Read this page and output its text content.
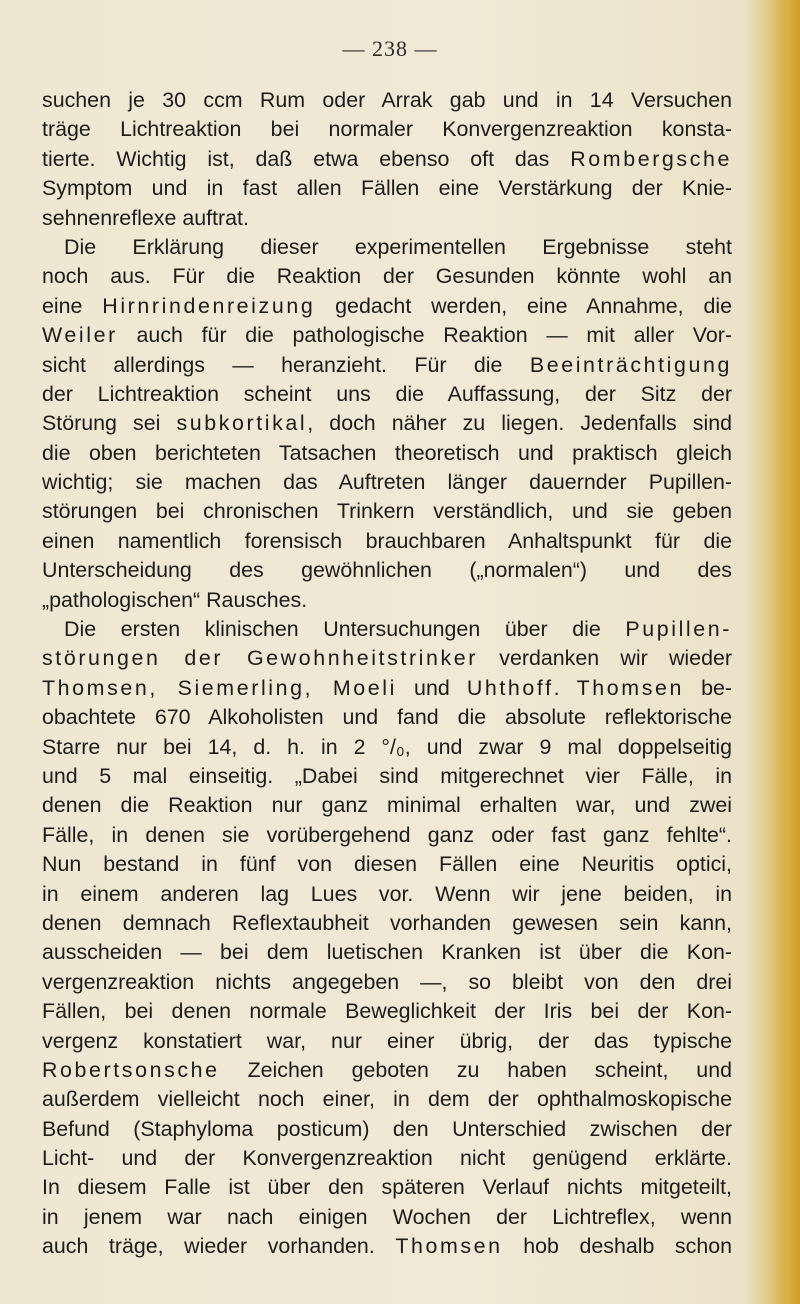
— 238 —
suchen je 30 ccm Rum oder Arrak gab und in 14 Versuchen
träge Lichtreaktion bei normaler Konvergenzreaktion konsta-
tierte. Wichtig ist, daß etwa ebenso oft das Rombergsche
Symptom und in fast allen Fällen eine Verstärkung der Knie-
sehnenreflexe auftrat.
Die Erklärung dieser experimentellen Ergebnisse steht
noch aus. Für die Reaktion der Gesunden könnte wohl an
eine Hirnrindenreizung gedacht werden, eine Annahme, die
Weiler auch für die pathologische Reaktion — mit aller Vor-
sicht allerdings — heranzieht. Für die Beeinträchtigung
der Lichtreaktion scheint uns die Auffassung, der Sitz der
Störung sei subkortikal, doch näher zu liegen. Jedenfalls sind
die oben berichteten Tatsachen theoretisch und praktisch gleich
wichtig; sie machen das Auftreten länger dauernder Pupillen-
störungen bei chronischen Trinkern verständlich, und sie geben
einen namentlich forensisch brauchbaren Anhaltspunkt für die
Unterscheidung des gewöhnlichen („normalen“) und des
„pathologischen“ Rausches.
Die ersten klinischen Untersuchungen über die Pupillen-
störungen der Gewohnheitstrinker verdanken wir wieder
Thomsen, Siemerling, Moeli und Uhthoff. Thomsen be-
obachtete 670 Alkoholisten und fand die absolute reflektorische
Starre nur bei 14, d. h. in 2 °/₀, und zwar 9 mal doppelseitig
und 5 mal einseitig. „Dabei sind mitgerechnet vier Fälle, in
denen die Reaktion nur ganz minimal erhalten war, und zwei
Fälle, in denen sie vorübergehend ganz oder fast ganz fehlte“.
Nun bestand in fünf von diesen Fällen eine Neuritis optici,
in einem anderen lag Lues vor. Wenn wir jene beiden, in
denen demnach Reflextaubheit vorhanden gewesen sein kann,
ausscheiden — bei dem luetischen Kranken ist über die Kon-
vergenzreaktion nichts angegeben —, so bleibt von den drei
Fällen, bei denen normale Beweglichkeit der Iris bei der Kon-
vergenz konstatiert war, nur einer übrig, der das typische
Robertsonsche Zeichen geboten zu haben scheint, und
außerdem vielleicht noch einer, in dem der ophthalmoskopische
Befund (Staphyloma posticum) den Unterschied zwischen der
Licht- und der Konvergenzreaktion nicht genügend erklärte.
In diesem Falle ist über den späteren Verlauf nichts mitgeteilt,
in jenem war nach einigen Wochen der Lichtreflex, wenn
auch träge, wieder vorhanden. Thomsen hob deshalb schon
